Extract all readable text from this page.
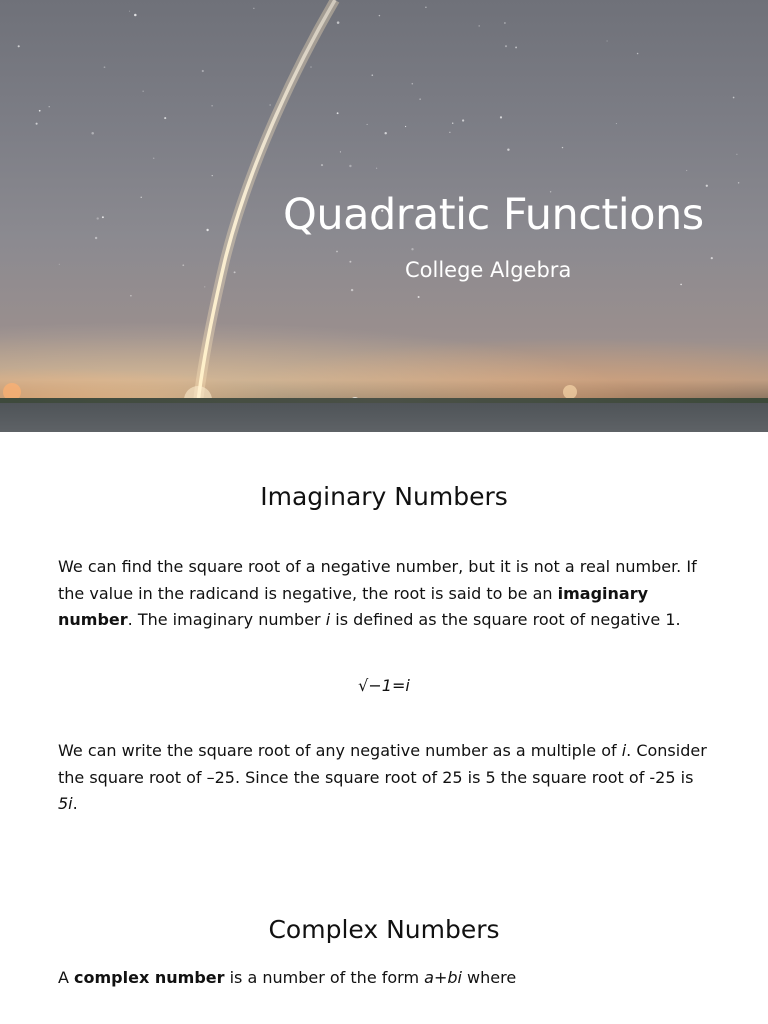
Quadratic Functions
College Algebra
Imaginary Numbers

We can find the square root of a negative number, but it is not a real number. If the value in the radicand is negative, the root is said to be an imaginary number. The imaginary number i is defined as the square root of negative 1.

√−1=i

We can write the square root of any negative number as a multiple of i. Consider the square root of –25. Since the square root of 25 is 5 the square root of -25 is 5i.

Complex Numbers

A complex number is a number of the form a+bi where
